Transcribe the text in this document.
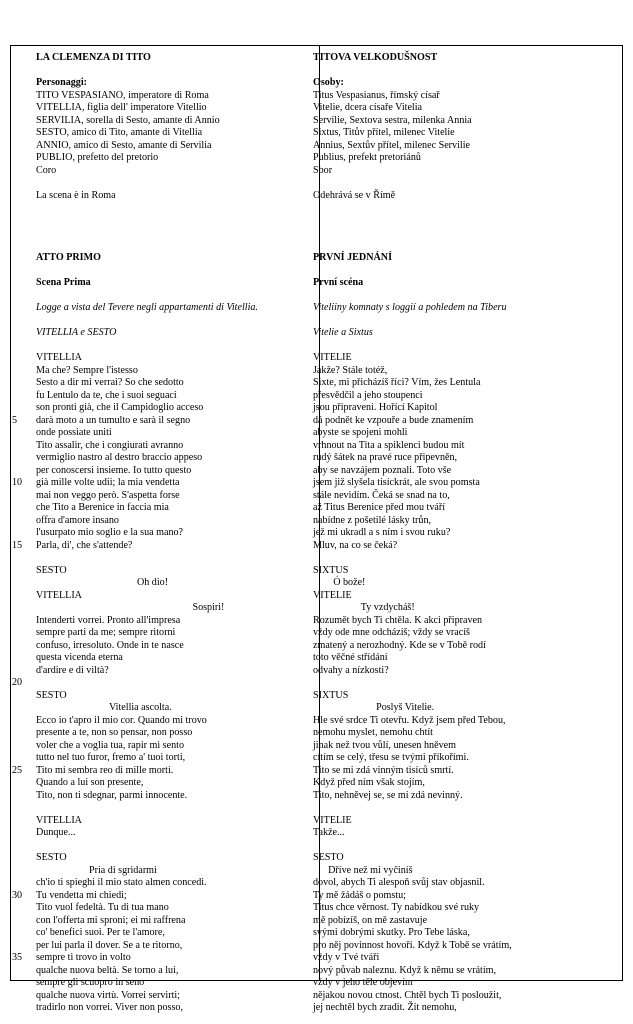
5
10
15
20
25
30
35
LA CLEMENZA DI TITO
Personaggi:
TITO VESPASIANO, imperatore di Roma
VITELLIA, figlia dell' imperatore Vitellio
SERVILIA, sorella di Sesto, amante di Annio
SESTO, amico di Tito, amante di Vitellia
ANNIO, amico di Sesto, amante di Servilia
PUBLIO, prefetto del pretorio
Coro
La scena è in Roma
ATTO PRIMO
Scena Prima
Logge a vista del Tevere negli appartamenti di Vitellia.
VITELLIA e SESTO
VITELLIA
Ma che? Sempre l'istesso
Sesto a dir mi verrai? So che sedotto
fu Lentulo da te, che i suoi seguaci
son pronti già, che il Campidoglio acceso
darà moto a un tumulto e sarà il segno
onde possiate uniti
Tito assalir, che i congiurati avranno
vermiglio nastro al destro braccio appeso
per conoscersi insieme. Io tutto questo
già mille volte udii; la mia vendetta
mai non veggo però. S'aspetta forse
che Tito a Berenice in faccia mia
offra d'amore insano
l'usurpato mio soglio e la sua mano?
Parla, di', che s'attende?
SESTO
Oh dio!
VITELLIA
Sospiri!
Intenderti vorrei. Pronto all'impresa
sempre parti da me; sempre ritorni
confuso, irresoluto. Onde in te nasce
questa vicenda eterna
d'ardire e di viltà?
SESTO
Vitellia ascolta.
Ecco io t'apro il mio cor. Quando mi trovo
presente a te, non so pensar, non posso
voler che a voglia tua, rapir mi sento
tutto nel tuo furor, fremo a' tuoi torti,
Tito mi sembra reo di mille morti.
Quando a lui son presente,
Tito, non ti sdegnar, parmi innocente.
VITELLIA
Dunque...
SESTO
Pria di sgridarmi
ch'io ti spieghi il mio stato almen concedi.
Tu vendetta mi chiedi;
Tito vuol fedeltà. Tu di tua mano
con l'offerta mi sproni; ei mi raffrena
co' benefici suoi. Per te l'amore,
per lui parla il dover. Se a te ritorno,
sempre ti trovo in volto
qualche nuova beltà. Se torno a lui,
sempre gli scuopro in seno
qualche nuova virtù. Vorrei servirti;
tradirlo non vorrei. Viver non posso,
TITOVA VELKODUŠNOST
Osoby:
Titus Vespasianus, římský císař
Vitelie, dcera císaře Vitelia
Servilie, Sextova sestra, milenka Annia
Sixtus, Titův přítel, milenec Vitelie
Annius, Sextův přítel, milenec Servilie
Publius, prefekt pretoriánů
Sbor
Odehrává se v Římě
PRVNÍ JEDNÁNÍ
První scéna
Viteliiny komnaty s loggií a pohledem na Tiberu
Vitelie a Sixtus
VITELIE
Jakže? Stále totéž,
Sixte, mi přicházíš říci? Vím, žes Lentula
přesvědčil a jeho stoupenci
jsou připraveni. Hořící Kapitol
dá podnět ke vzpouře a bude znamením
abyste se spojeni mohli
vrhnout na Tita a spiklenci budou mít
rudý šátek na pravé ruce připevněn,
aby se navzájem poznali. Toto vše
jsem již slyšela tisíckrát, ale svou pomsta
stále nevidím. Čeká se snad na to,
až Titus Berenice před mou tváří
nabídne z pošetilé lásky trůn,
jež mi ukradl a s ním i svou ruku?
Mluv, na co se čeká?
SIXTUS
Ó bože!
VITELIE
Ty vzdycháš!
Rozumět bych Ti chtěla. K akci připraven
vždy ode mne odcházíš; vždy se vracíš
zmatený a nerozhodný. Kde se v Tobě rodí
toto věčné střídání
odvahy a nízkosti?
SIXTUS
Poslyš Vitelie.
Hle své srdce Ti otevřu. Když jsem před Tebou,
nemohu myslet, nemohu chtít
jinak než tvou vůlí, unesen hněvem
cítím se celý, třesu se tvými příkořími.
Tito se mi zdá vinným tisíců smrtí.
Když před ním však stojím,
Tito, nehněvej se, se mi zdá nevinný.
VITELIE
Takže...
SESTO
Dříve než mi vyčiníš
dovol, abych Ti alespoň svůj stav objasnil.
Ty mě žádáš o pomstu;
Titus chce věrnost. Ty nabídkou své ruky
mě pobízíš, on mě zastavuje
svými dobrými skutky. Pro Tebe láska,
pro něj povinnost hovoří. Když k Tobě se vrátím,
vždy v Tvé tváři
nový půvab naleznu. Když k němu se vrátím,
vždy v jeho těle objevím
nějakou novou ctnost. Chtěl bych Ti posloužit,
jej nechtěl bych zradit. Žít nemohu,
